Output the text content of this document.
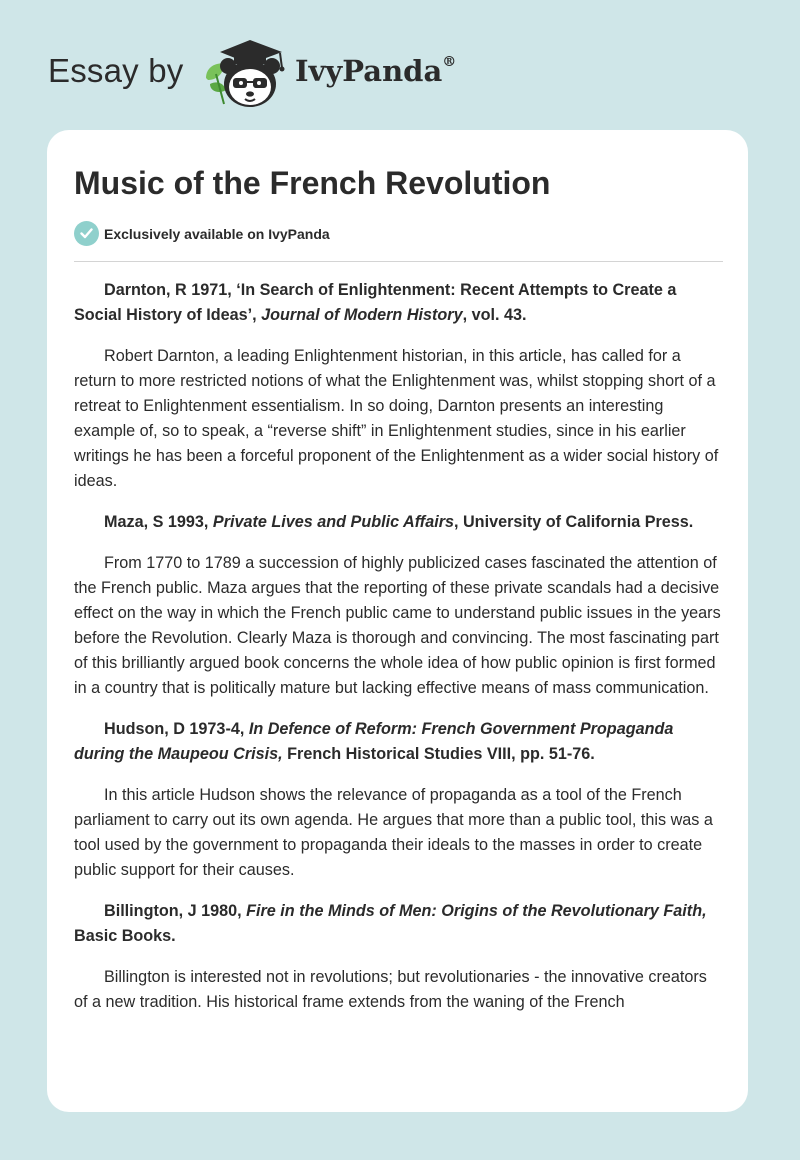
Essay by	IvyPanda®
Music of the French Revolution
Exclusively available on IvyPanda

Darnton, R 1971, ‘In Search of Enlightenment: Recent Attempts to Create a Social History of Ideas’, Journal of Modern History, vol. 43.

Robert Darnton, a leading Enlightenment historian, in this article, has called for a return to more restricted notions of what the Enlightenment was, whilst stopping short of a retreat to Enlightenment essentialism. In so doing, Darnton presents an interesting example of, so to speak, a “reverse shift” in Enlightenment studies, since in his earlier writings he has been a forceful proponent of the Enlightenment as a wider social history of ideas.

Maza, S 1993, Private Lives and Public Affairs, University of California Press.

From 1770 to 1789 a succession of highly publicized cases fascinated the attention of the French public. Maza argues that the reporting of these private scandals had a decisive effect on the way in which the French public came to understand public issues in the years before the Revolution. Clearly Maza is thorough and convincing. The most fascinating part of this brilliantly argued book concerns the whole idea of how public opinion is first formed in a country that is politically mature but lacking effective means of mass communication.

Hudson, D 1973-4, In Defence of Reform: French Government Propaganda during the Maupeou Crisis, French Historical Studies VIII, pp. 51-76.

In this article Hudson shows the relevance of propaganda as a tool of the French parliament to carry out its own agenda. He argues that more than a public tool, this was a tool used by the government to propaganda their ideals to the masses in order to create public support for their causes.

Billington, J 1980, Fire in the Minds of Men: Origins of the Revolutionary Faith, Basic Books.

Billington is interested not in revolutions; but revolutionaries - the innovative creators of a new tradition. His historical frame extends from the waning of the French
